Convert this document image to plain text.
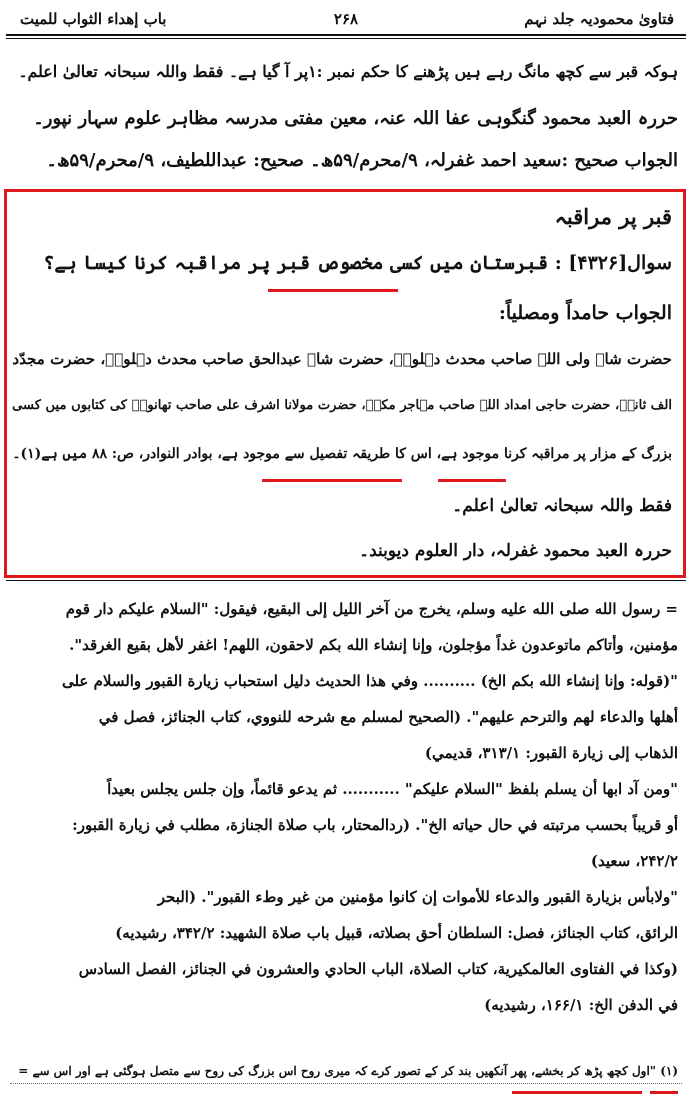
فتاویٰ محمودیہ جلد نہم
۲۶۸
باب إهداء الثواب للميت
ہوکہ قبر سے کچھ مانگ رہے ہیں پڑھنے کا حکم نمبر :۱پر آ گیا ہے۔ فقط واللہ سبحانہ تعالیٰ اعلم۔
حررہ العبد محمود گنگوہی عفا اللہ عنہ، معین مفتی مدرسہ مظاہر علوم سہار نپور۔
الجواب صحیح :سعید احمد غفرلہ، ۹/محرم/۵۹ھ۔ صحیح: عبداللطیف، ۹/محرم/۵۹ھ۔
قبر پر مراقبہ
سوال[۴۳۲۶] : قبرستان میں کسی مخصوص قبر پر مراقبہ کرنا کیسا ہے؟
الجواب حامداً ومصلیاً:
حضرت شاہ ولی اللہ صاحب محدث دہلویؒ، حضرت شاہ عبدالحق صاحب محدث دہلویؒ، حضرت مجدّد
الف ثانیؒ، حضرت حاجی امداد اللہ صاحب مہاجر مکیؒ، حضرت مولانا اشرف علی صاحب تھانویؒ کی کتابوں میں کسی
بزرگ کے مزار پر مراقبہ کرنا موجود ہے، اس کا طریقہ تفصیل سے موجود ہے، بوادر النوادر، ص: ۸۸ میں ہے(۱)۔
فقط واللہ سبحانہ تعالیٰ اعلم۔
حررہ العبد محمود غفرلہ، دار العلوم دیوبند۔
= رسول الله صلى الله عليه وسلم، يخرج من آخر الليل إلى البقيع، فيقول: "السلام عليكم دار قوم
مؤمنين، وأتاكم ماتوعدون غداً مؤجلون، وإنا إنشاء الله بكم لاحقون، اللهم! اغفر لأهل بقيع الغرقد".
"(قوله: وإنا إنشاء الله بكم الخ) .......... وفي هذا الحديث دليل استحباب زيارة القبور والسلام على
أهلها والدعاء لهم والترحم عليهم". (الصحيح لمسلم مع شرحه للنووي، كتاب الجنائز، فصل في
الذهاب إلى زيارة القبور: ۳۱۳/۱، قديمي)
"ومن آد ابها أن يسلم بلفظ "السلام عليكم" ........... ثم يدعو قائماً، وإن جلس يجلس بعيداً
أو قريباً بحسب مرتبته في حال حياته الخ". (ردالمحتار، باب صلاة الجنازة، مطلب في زيارة القبور:
۲۴۲/۲، سعيد)
"ولابأس بزيارة القبور والدعاء للأموات إن كانوا مؤمنين من غير وطء القبور". (البحر
الرائق، كتاب الجنائز، فصل: السلطان أحق بصلاته، قبيل باب صلاة الشهيد: ۳۴۲/۲، رشيديه)
(وكذا في الفتاوى العالمكيرية، كتاب الصلاة، الباب الحادي والعشرون في الجنائز، الفصل السادس
في الدفن الخ: ۱۶۶/۱، رشيديه)
(۱) "اول کچھ پڑھ کر بخشے، پھر آنکھیں بند کر کے تصور کرے کہ میری روح اس بزرگ کی روح سے متصل ہوگئی ہے اور اس سے =
